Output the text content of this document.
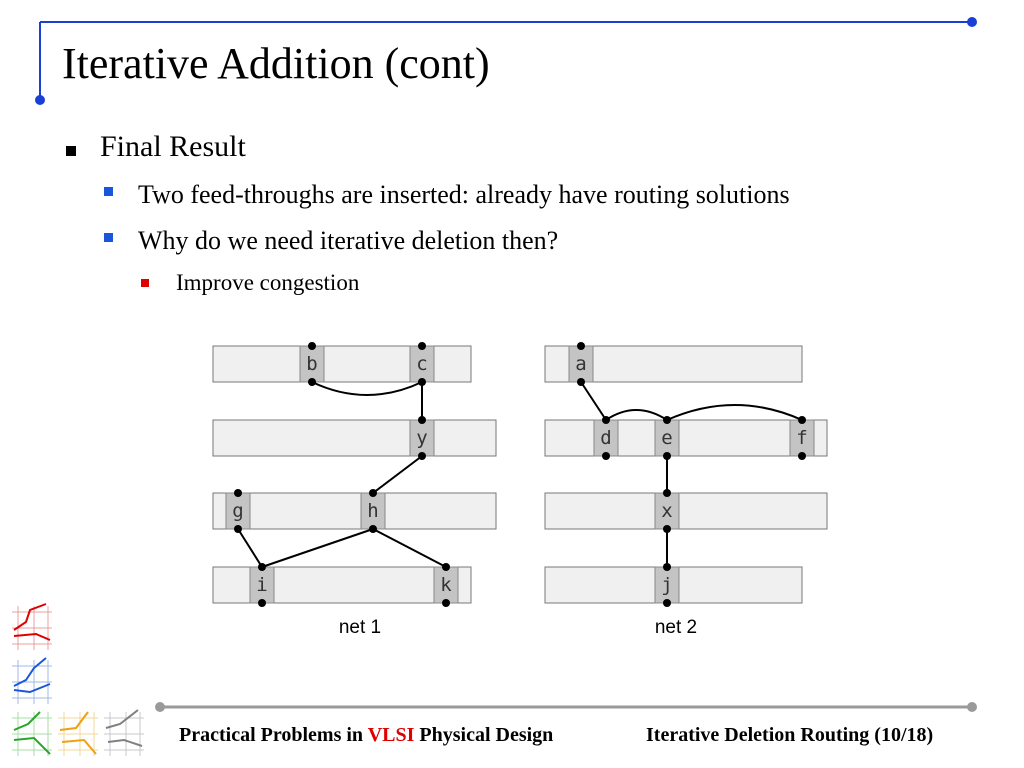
Iterative Addition (cont)
Final Result
Two feed-throughs are inserted: already have routing solutions
Why do we need iterative deletion then?
Improve congestion
b	c
y
g	h
i	k
a
d	e	f
x
j
net 1	net 2
Practical Problems in VLSI Physical Design	Iterative Deletion Routing (10/18)
